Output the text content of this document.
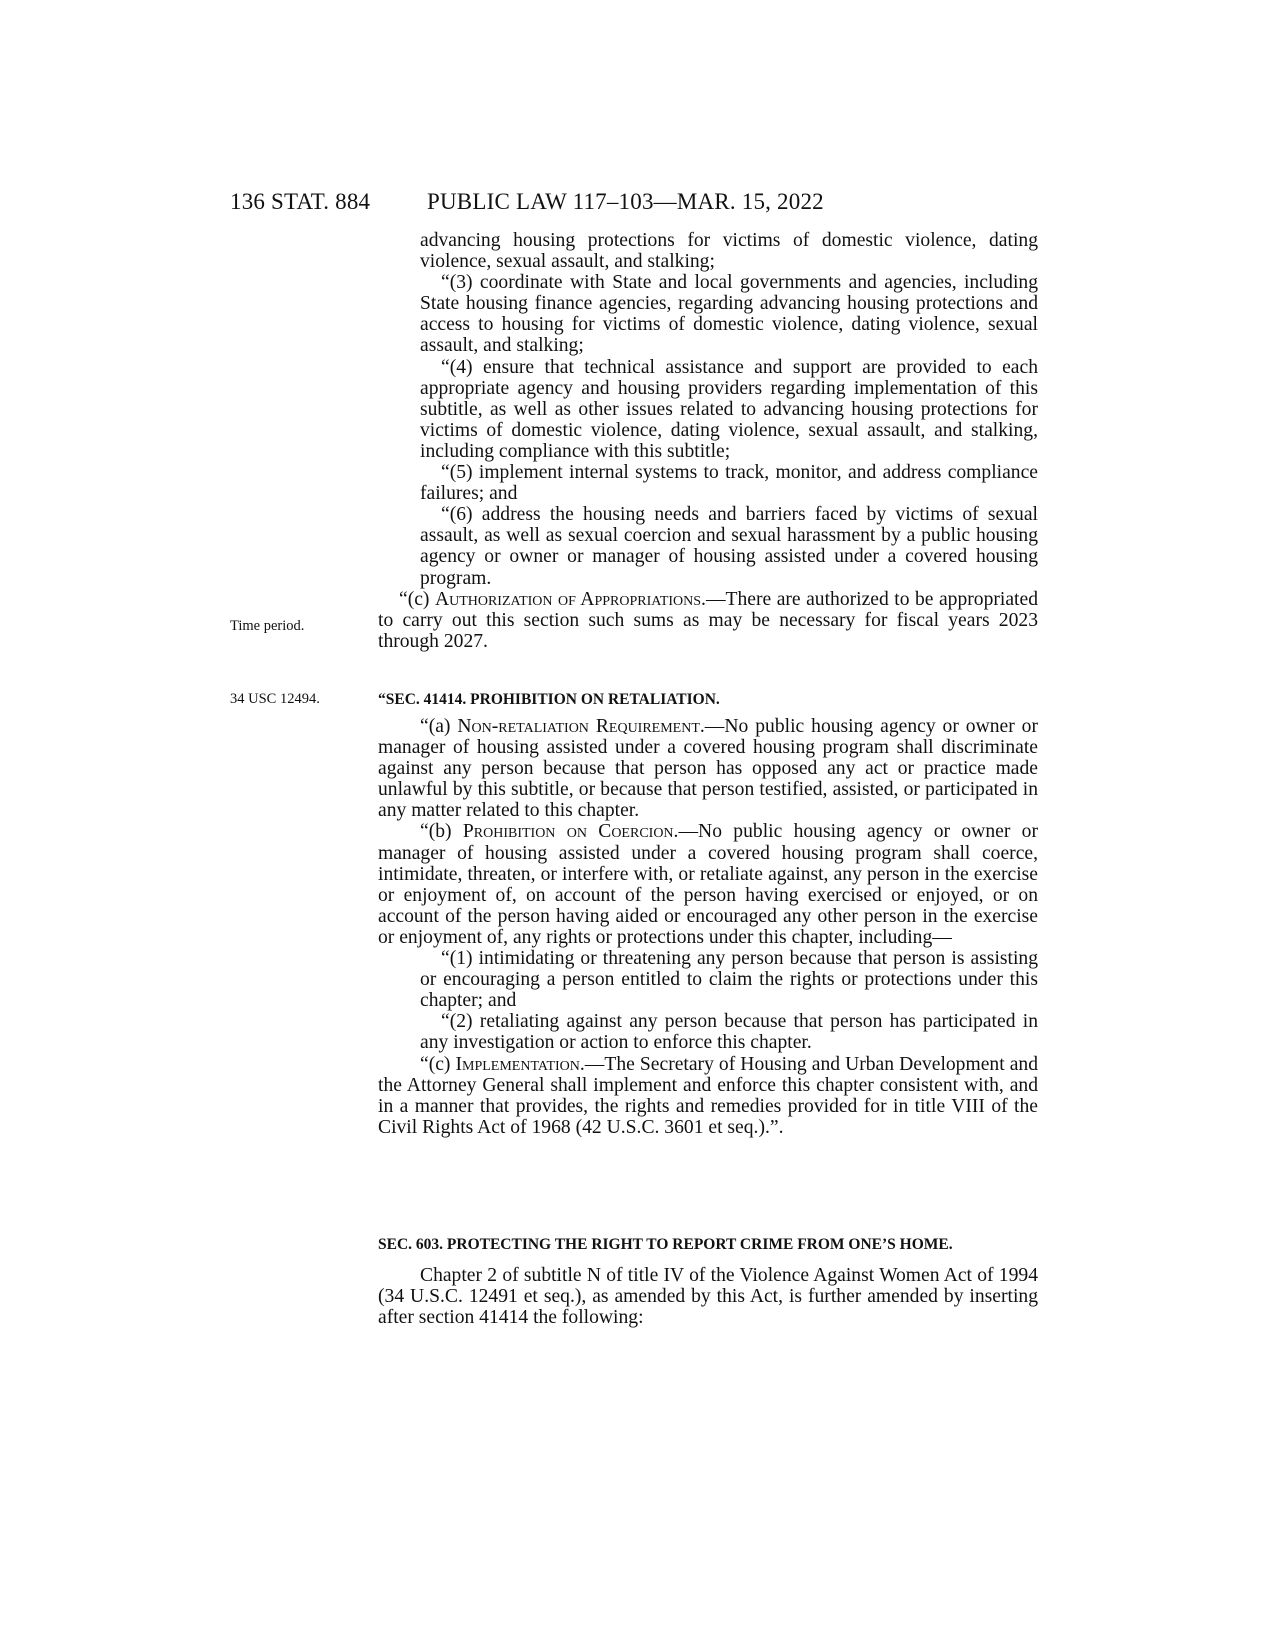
136 STAT. 884 PUBLIC LAW 117–103—MAR. 15, 2022
Time period.
34 USC 12494.

advancing housing protections for victims of domestic violence, dating violence, sexual assault, and stalking;

“(3) coordinate with State and local governments and agencies, including State housing finance agencies, regarding advancing housing protections and access to housing for victims of domestic violence, dating violence, sexual assault, and stalking;

“(4) ensure that technical assistance and support are provided to each appropriate agency and housing providers regarding implementation of this subtitle, as well as other issues related to advancing housing protections for victims of domestic violence, dating violence, sexual assault, and stalking, including compliance with this subtitle;

“(5) implement internal systems to track, monitor, and address compliance failures; and

“(6) address the housing needs and barriers faced by victims of sexual assault, as well as sexual coercion and sexual harassment by a public housing agency or owner or manager of housing assisted under a covered housing program.

“(c) Authorization of Appropriations.—There are authorized to be appropriated to carry out this section such sums as may be necessary for fiscal years 2023 through 2027.

“SEC. 41414. PROHIBITION ON RETALIATION.

“(a) Non-retaliation Requirement.—No public housing agency or owner or manager of housing assisted under a covered housing program shall discriminate against any person because that person has opposed any act or practice made unlawful by this subtitle, or because that person testified, assisted, or participated in any matter related to this chapter.

“(b) Prohibition on Coercion.—No public housing agency or owner or manager of housing assisted under a covered housing program shall coerce, intimidate, threaten, or interfere with, or retaliate against, any person in the exercise or enjoyment of, on account of the person having exercised or enjoyed, or on account of the person having aided or encouraged any other person in the exercise or enjoyment of, any rights or protections under this chapter, including—

“(1) intimidating or threatening any person because that person is assisting or encouraging a person entitled to claim the rights or protections under this chapter; and

“(2) retaliating against any person because that person has participated in any investigation or action to enforce this chapter.

“(c) Implementation.—The Secretary of Housing and Urban Development and the Attorney General shall implement and enforce this chapter consistent with, and in a manner that provides, the rights and remedies provided for in title VIII of the Civil Rights Act of 1968 (42 U.S.C. 3601 et seq.).”.

SEC. 603. PROTECTING THE RIGHT TO REPORT CRIME FROM ONE’S HOME.

Chapter 2 of subtitle N of title IV of the Violence Against Women Act of 1994 (34 U.S.C. 12491 et seq.), as amended by this Act, is further amended by inserting after section 41414 the following:
